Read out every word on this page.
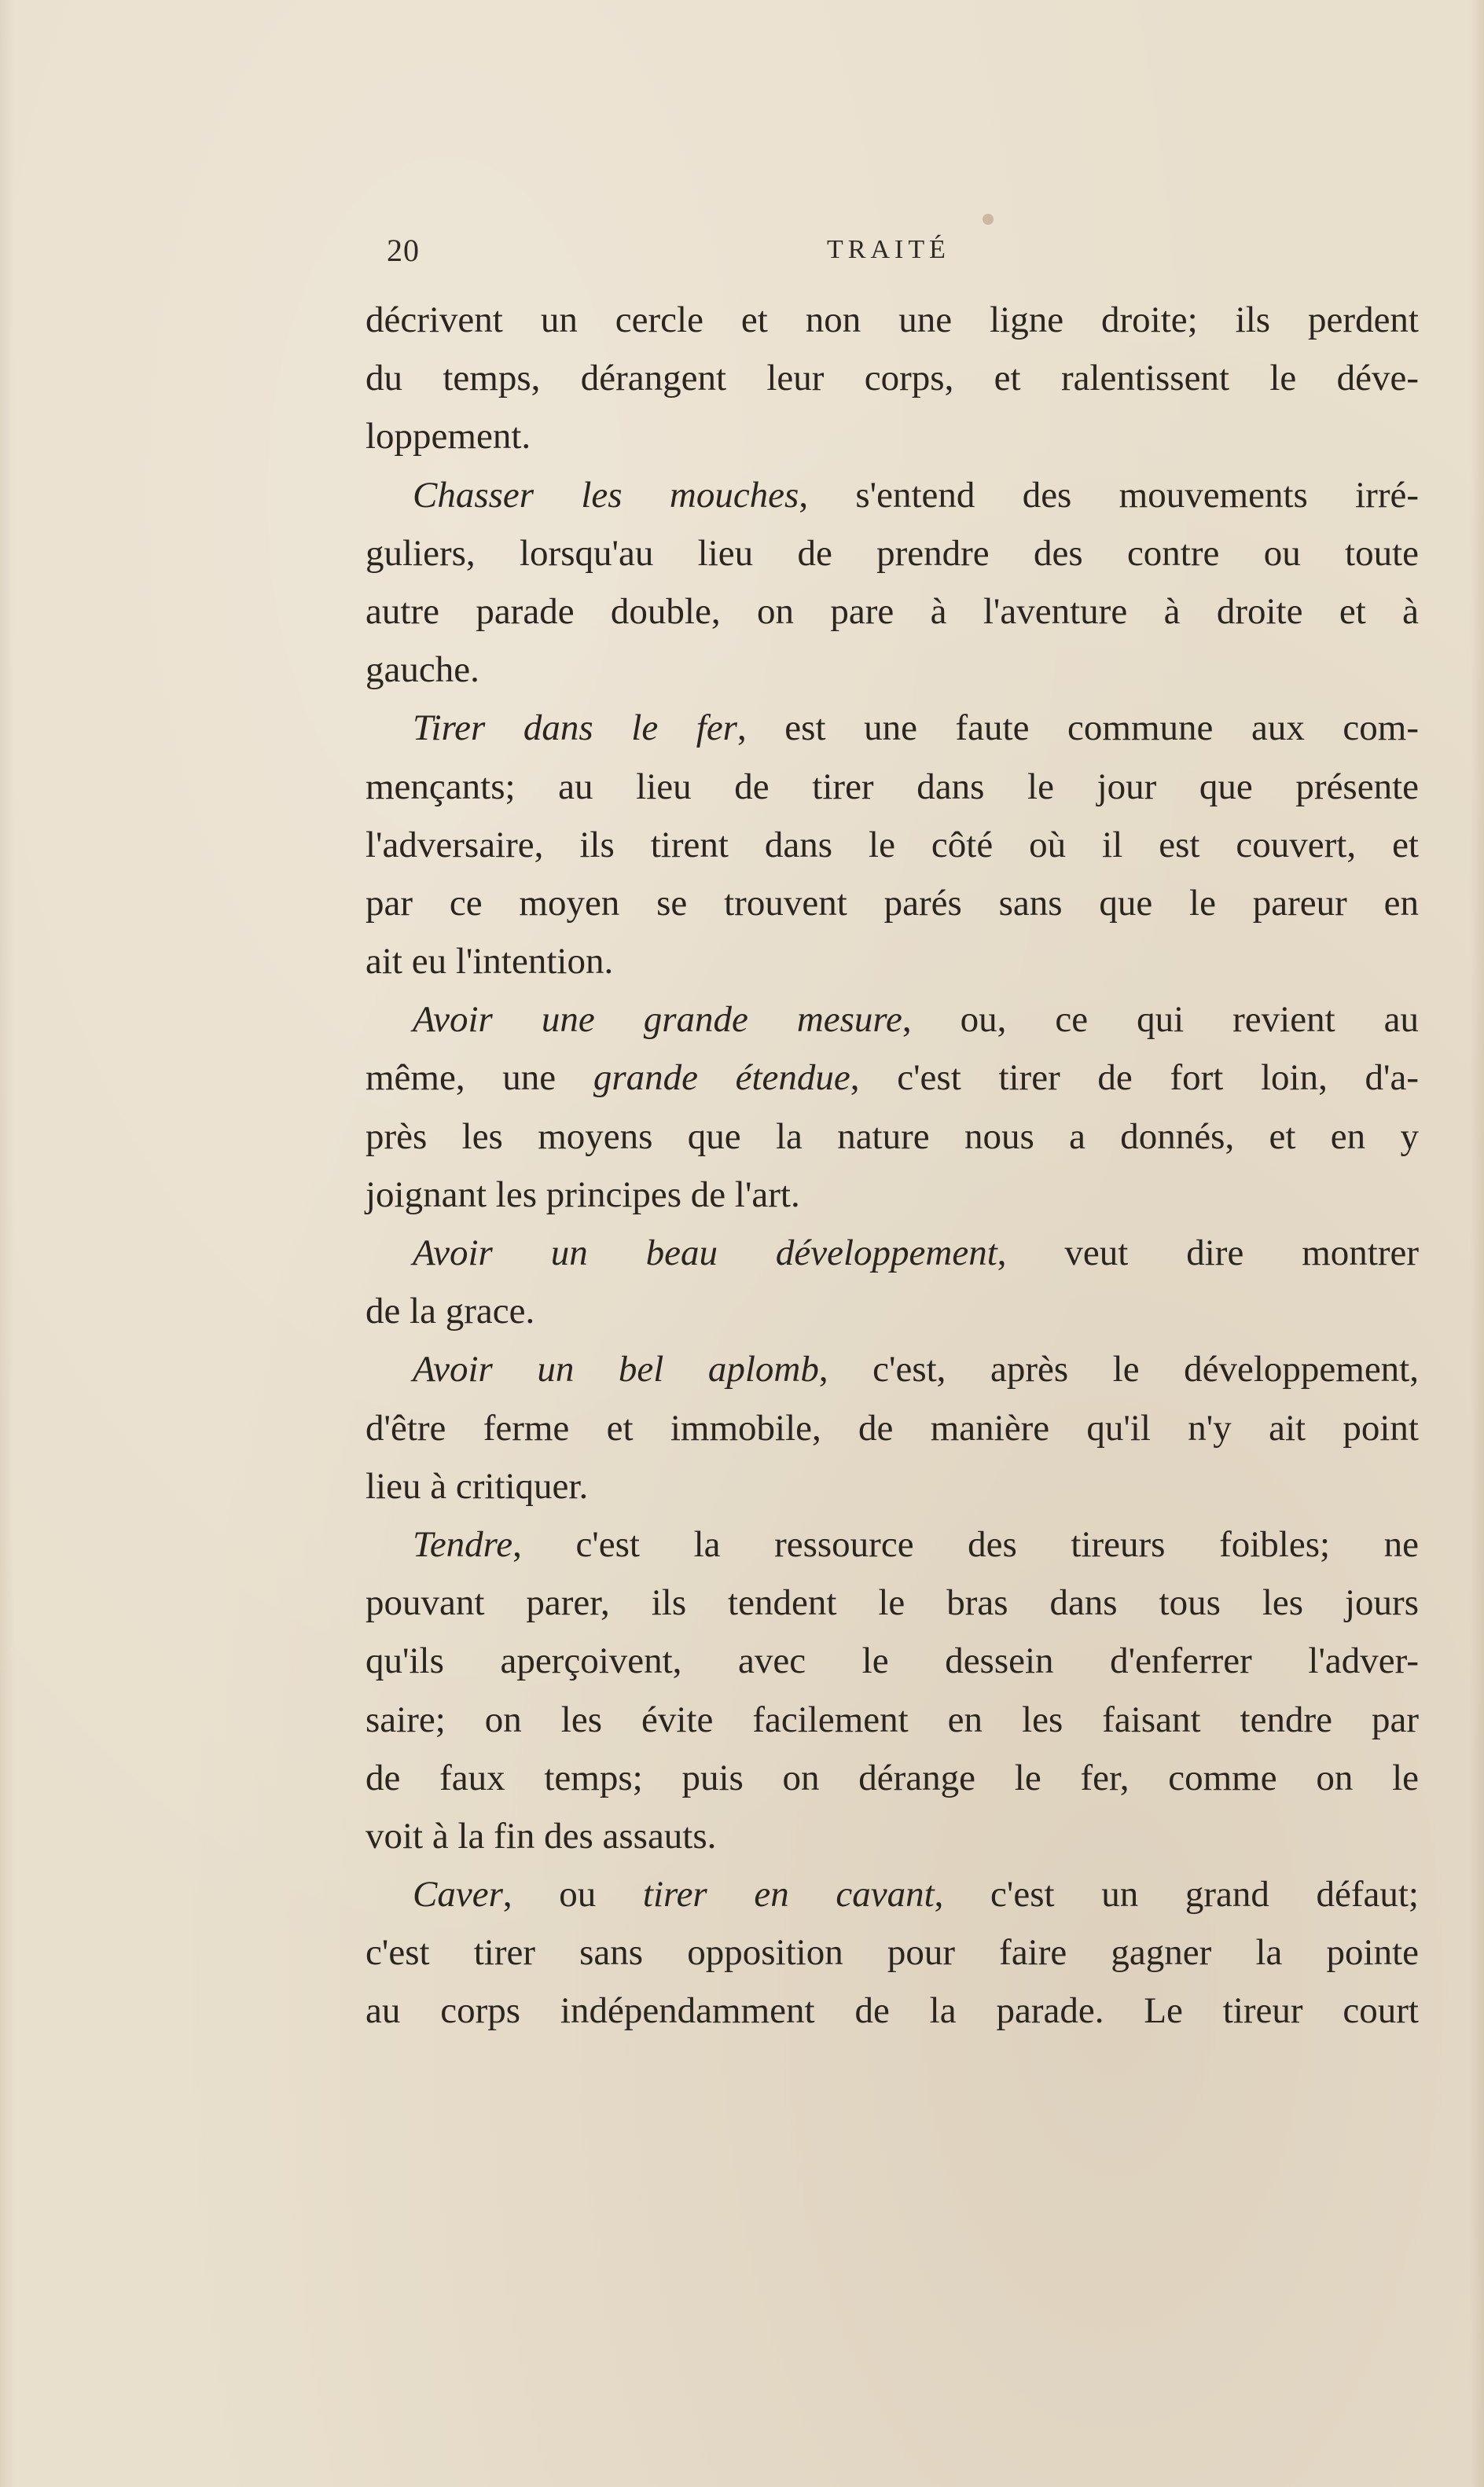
20	TRAITÉ
décrivent un cercle et non une ligne droite; ils perdent
du temps, dérangent leur corps, et ralentissent le déve-
loppement.
Chasser les mouches, s'entend des mouvements irré-
guliers, lorsqu'au lieu de prendre des contre ou toute
autre parade double, on pare à l'aventure à droite et à
gauche.
Tirer dans le fer, est une faute commune aux com-
mençants; au lieu de tirer dans le jour que présente
l'adversaire, ils tirent dans le côté où il est couvert, et
par ce moyen se trouvent parés sans que le pareur en
ait eu l'intention.
Avoir une grande mesure, ou, ce qui revient au
même, une grande étendue, c'est tirer de fort loin, d'a-
près les moyens que la nature nous a donnés, et en y
joignant les principes de l'art.
Avoir un beau développement, veut dire montrer
de la grace.
Avoir un bel aplomb, c'est, après le développement,
d'être ferme et immobile, de manière qu'il n'y ait point
lieu à critiquer.
Tendre, c'est la ressource des tireurs foibles; ne
pouvant parer, ils tendent le bras dans tous les jours
qu'ils aperçoivent, avec le dessein d'enferrer l'adver-
saire; on les évite facilement en les faisant tendre par
de faux temps; puis on dérange le fer, comme on le
voit à la fin des assauts.
Caver, ou tirer en cavant, c'est un grand défaut;
c'est tirer sans opposition pour faire gagner la pointe
au corps indépendamment de la parade. Le tireur court
